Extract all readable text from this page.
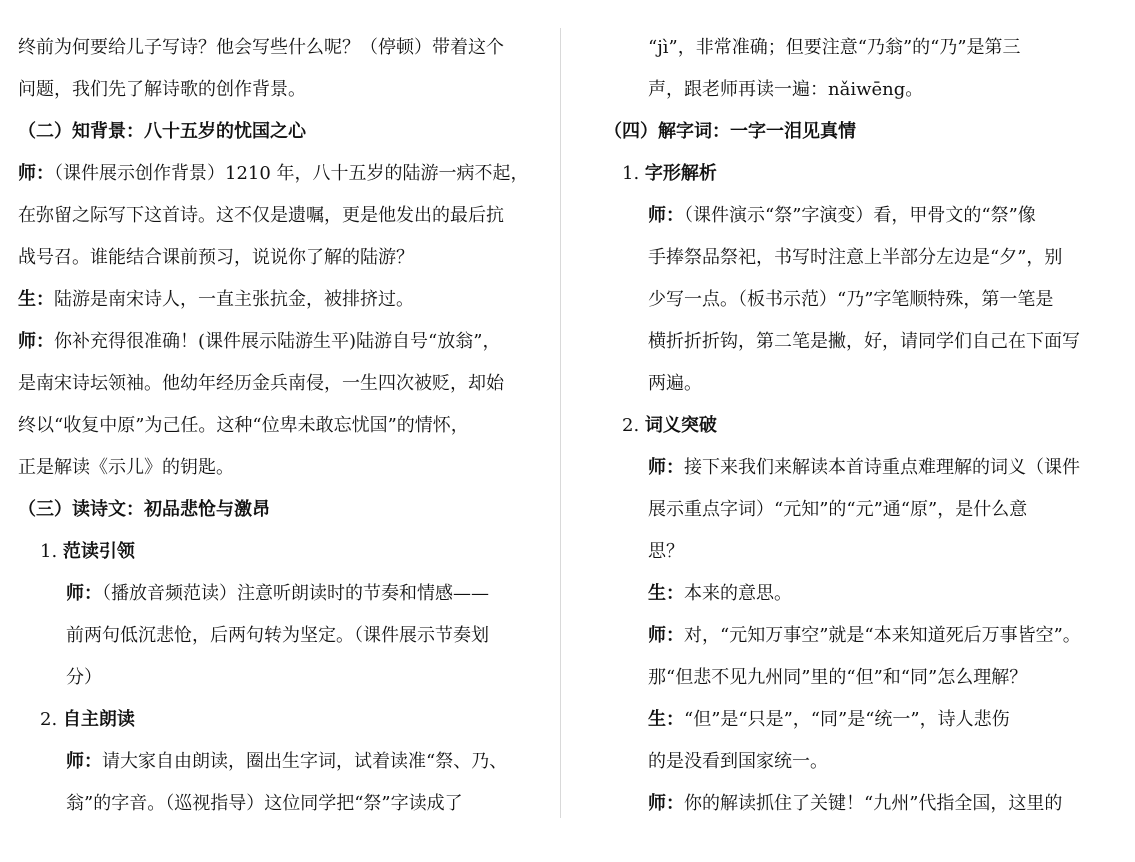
终前为何要给儿子写诗？他会写些什么呢？（停顿）带着这个
问题，我们先了解诗歌的创作背景。
（二）知背景：八十五岁的忧国之心
师：（课件展示创作背景）1210 年，八十五岁的陆游一病不起，
在弥留之际写下这首诗。这不仅是遗嘱，更是他发出的最后抗
战号召。谁能结合课前预习，说说你了解的陆游？
生：陆游是南宋诗人，一直主张抗金，被排挤过。
师：你补充得很准确！(课件展示陆游生平)陆游自号“放翁”，
是南宋诗坛领袖。他幼年经历金兵南侵，一生四次被贬，却始
终以“收复中原”为己任。这种“位卑未敢忘忧国”的情怀，
正是解读《示儿》的钥匙。
（三）读诗文：初品悲怆与激昂
1. 范读引领
师：（播放音频范读）注意听朗读时的节奏和情感——
前两句低沉悲怆，后两句转为坚定。（课件展示节奏划
分）
2. 自主朗读
师：请大家自由朗读，圈出生字词，试着读准“祭、乃、
翁”的字音。（巡视指导）这位同学把“祭”字读成了
“jì”，非常准确；但要注意“乃翁”的“乃”是第三
声，跟老师再读一遍：nǎiwēng。
（四）解字词：一字一泪见真情
1. 字形解析
师：（课件演示“祭”字演变）看，甲骨文的“祭”像
手捧祭品祭祀，书写时注意上半部分左边是“夕”，别
少写一点。（板书示范）“乃”字笔顺特殊，第一笔是
横折折折钩，第二笔是撇，好，请同学们自己在下面写
两遍。
2. 词义突破
师：接下来我们来解读本首诗重点难理解的词义（课件
展示重点字词）“元知”的“元”通“原”，是什么意
思？
生：本来的意思。
师：对，“元知万事空”就是“本来知道死后万事皆空”。
那“但悲不见九州同”里的“但”和“同”怎么理解？
生：“但”是“只是”，“同”是“统一”，诗人悲伤
的是没看到国家统一。
师：你的解读抓住了关键！“九州”代指全国，这里的
